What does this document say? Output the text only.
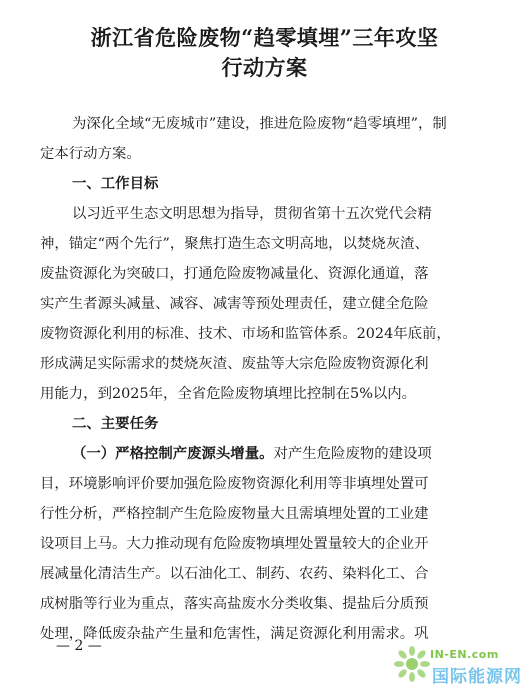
浙江省危险废物“趋零填埋”三年攻坚
行动方案
为深化全域“无废城市”建设，推进危险废物“趋零填埋”，制
定本行动方案。
一、工作目标
以习近平生态文明思想为指导，贯彻省第十五次党代会精
神，锚定“两个先行”，聚焦打造生态文明高地，以焚烧灰渣、
废盐资源化为突破口，打通危险废物减量化、资源化通道，落
实产生者源头减量、减容、减害等预处理责任，建立健全危险
废物资源化利用的标准、技术、市场和监管体系。2024年底前，
形成满足实际需求的焚烧灰渣、废盐等大宗危险废物资源化利
用能力，到2025年，全省危险废物填埋比控制在5%以内。
二、主要任务
（一）严格控制产废源头增量。对产生危险废物的建设项
目，环境影响评价要加强危险废物资源化利用等非填埋处置可
行性分析，严格控制产生危险废物量大且需填埋处置的工业建
设项目上马。大力推动现有危险废物填埋处置量较大的企业开
展减量化清洁生产。以石油化工、制药、农药、染料化工、合
成树脂等行业为重点，落实高盐废水分类收集、提盐后分质预
处理，降低废杂盐产生量和危害性，满足资源化利用需求。巩
— 2 —
IN-EN.com
国际能源网
